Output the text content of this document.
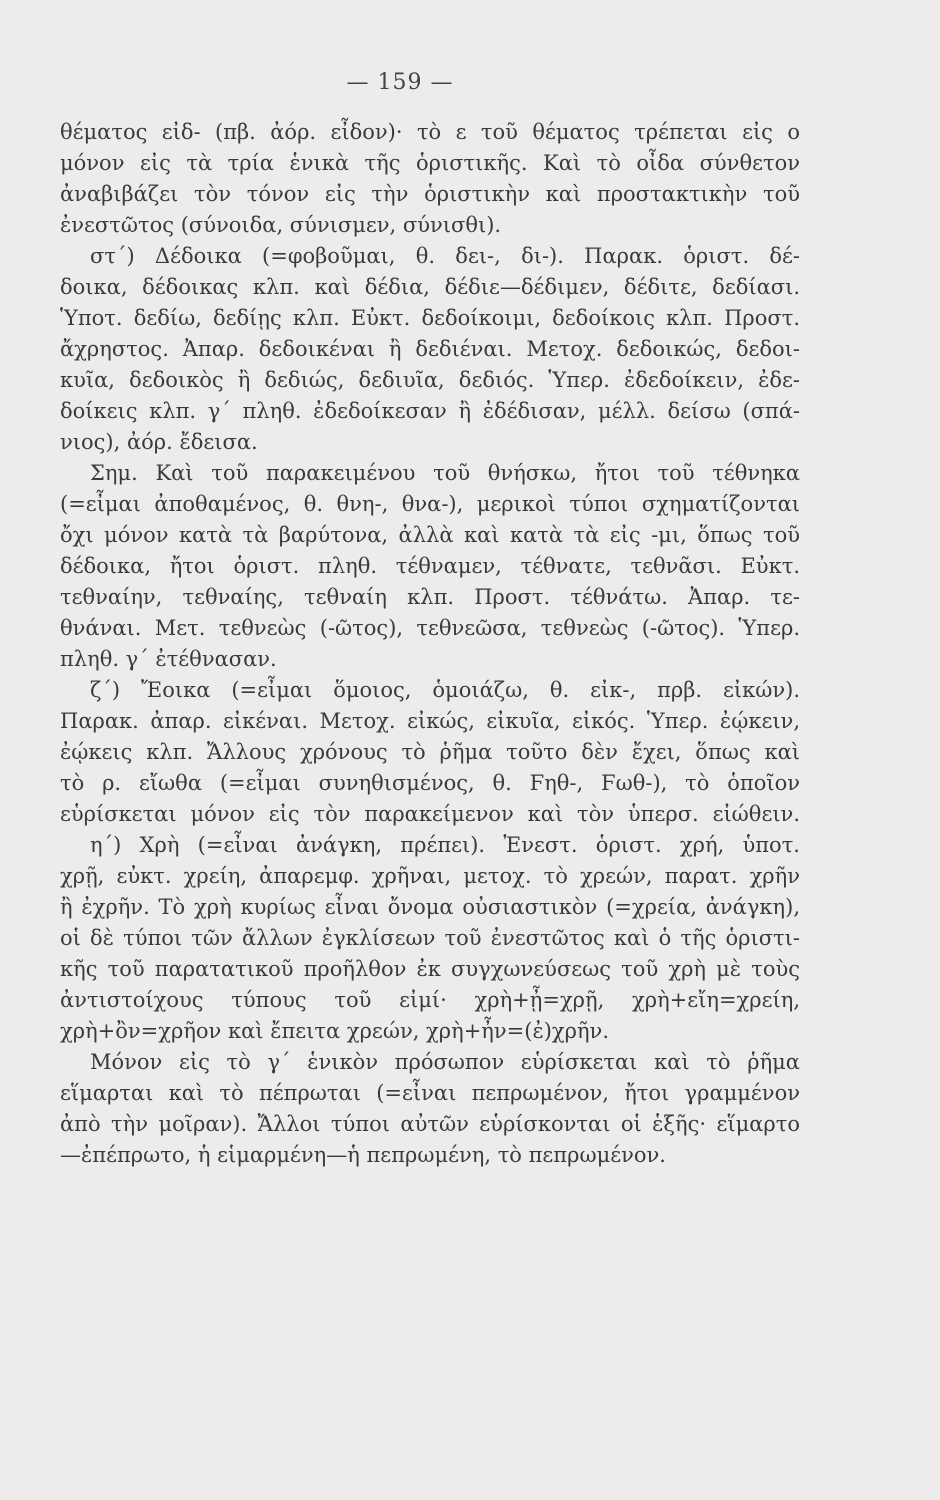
— 159 —
θέματος εἰδ- (πβ. ἀόρ. εἶδον)· τὸ ε τοῦ θέματος τρέπεται εἰς ο
μόνον εἰς τὰ τρία ἑνικὰ τῆς ὁριστικῆς. Καὶ τὸ οἶδα σύνθετον
ἀναβιβάζει τὸν τόνον εἰς τὴν ὁριστικὴν καὶ προστακτικὴν τοῦ
ἐνεστῶτος (σύνοιδα, σύνισμεν, σύνισθι).
στ΄) Δέδοικα (=φοβοῦμαι, θ. δει-, δι-). Παρακ. ὁριστ. δέ-
δοικα, δέδοικας κλπ. καὶ δέδια, δέδιε—δέδιμεν, δέδιτε, δεδίασι.
Ὑποτ. δεδίω, δεδίῃς κλπ. Εὐκτ. δεδοίκοιμι, δεδοίκοις κλπ. Προστ.
ἄχρηστος. Ἀπαρ. δεδοικέναι ἢ δεδιέναι. Μετοχ. δεδοικώς, δεδοι-
κυῖα, δεδοικὸς ἢ δεδιώς, δεδιυῖα, δεδιός. Ὑπερ. ἐδεδοίκειν, ἐδε-
δοίκεις κλπ. γ΄ πληθ. ἐδεδοίκεσαν ἢ ἐδέδισαν, μέλλ. δείσω (σπά-
νιος), ἀόρ. ἔδεισα.
Σημ. Καὶ τοῦ παρακειμένου τοῦ θνήσκω, ἤτοι τοῦ τέθνηκα
(=εἶμαι ἀποθαμένος, θ. θνη-, θνα-), μερικοὶ τύποι σχηματίζονται
ὄχι μόνον κατὰ τὰ βαρύτονα, ἀλλὰ καὶ κατὰ τὰ εἰς -μι, ὅπως τοῦ
δέδοικα, ἤτοι ὁριστ. πληθ. τέθναμεν, τέθνατε, τεθνᾶσι. Εὐκτ.
τεθναίην, τεθναίης, τεθναίη κλπ. Προστ. τέθνάτω. Ἀπαρ. τε-
θνάναι. Μετ. τεθνεὼς (-ῶτος), τεθνεῶσα, τεθνεὼς (-ῶτος). Ὑπερ.
πληθ. γ΄ ἐτέθνασαν.
ζ΄) Ἔοικα (=εἶμαι ὅμοιος, ὁμοιάζω, θ. εἰκ-, πρβ. εἰκών).
Παρακ. ἀπαρ. εἰκέναι. Μετοχ. εἰκώς, εἰκυῖα, εἰκός. Ὑπερ. ἐῴκειν,
ἐῴκεις κλπ. Ἄλλους χρόνους τὸ ῥῆμα τοῦτο δὲν ἔχει, ὅπως καὶ
τὸ ρ. εἴωθα (=εἶμαι συνηθισμένος, θ. Ϝηθ-, Ϝωθ-), τὸ ὁποῖον
εὑρίσκεται μόνον εἰς τὸν παρακείμενον καὶ τὸν ὑπερσ. εἰώθειν.
η΄) Χρὴ (=εἶναι ἀνάγκη, πρέπει). Ἐνεστ. ὁριστ. χρή, ὑποτ.
χρῇ, εὐκτ. χρείη, ἀπαρεμφ. χρῆναι, μετοχ. τὸ χρεών, παρατ. χρῆν
ἢ ἐχρῆν. Τὸ χρὴ κυρίως εἶναι ὄνομα οὐσιαστικὸν (=χρεία, ἀνάγκη),
οἱ δὲ τύποι τῶν ἄλλων ἐγκλίσεων τοῦ ἐνεστῶτος καὶ ὁ τῆς ὁριστι-
κῆς τοῦ παρατατικοῦ προῆλθον ἐκ συγχωνεύσεως τοῦ χρὴ μὲ τοὺς
ἀντιστοίχους τύπους τοῦ εἰμί· χρὴ+ᾖ=χρῇ, χρὴ+εἴη=χρείη,
χρὴ+ὂν=χρῆον καὶ ἔπειτα χρεών, χρὴ+ἦν=(ἐ)χρῆν.
Μόνον εἰς τὸ γ΄ ἑνικὸν πρόσωπον εὑρίσκεται καὶ τὸ ῥῆμα
εἵμαρται καὶ τὸ πέπρωται (=εἶναι πεπρωμένον, ἤτοι γραμμένον
ἀπὸ τὴν μοῖραν). Ἄλλοι τύποι αὐτῶν εὑρίσκονται οἱ ἑξῆς· εἵμαρτο
—ἐπέπρωτο, ἡ εἱμαρμένη—ἡ πεπρωμένη, τὸ πεπρωμένον.
